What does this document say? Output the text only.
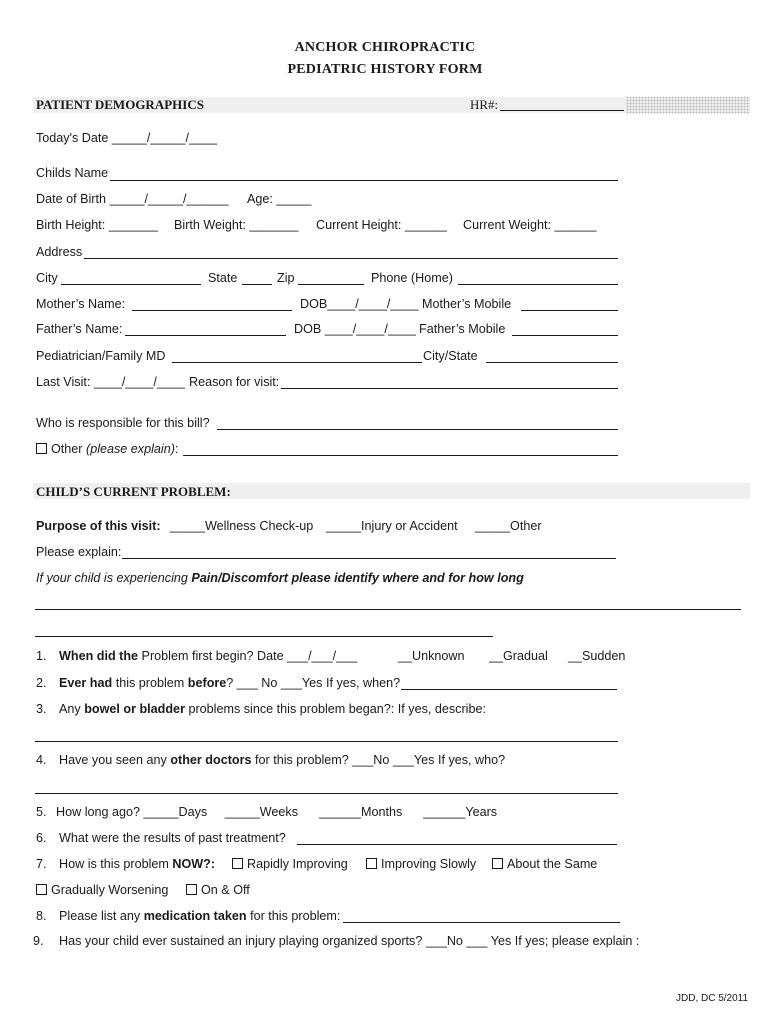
ANCHOR CHIROPRACTIC
PEDIATRIC HISTORY FORM
PATIENT DEMOGRAPHICS	HR#:
Today's Date _____/_____/____
Childs Name
Date of Birth _____/_____/______ Age: _____
Birth Height: _______ Birth Weight: _______ Current Height: ______ Current Weight: ______
Address
City	State	Zip	Phone (Home)
Mother’s Name:	DOB____/____/____ Mother’s Mobile
Father’s Name:	DOB ____/____/____ Father’s Mobile
Pediatrician/Family MD	City/State
Last Visit: ____/____/____ Reason for visit:
Who is responsible for this bill?
Other (please explain):
CHILD’S CURRENT PROBLEM:
Purpose of this visit: _____Wellness Check-up _____Injury or Accident _____Other
Please explain:
If your child is experiencing Pain/Discomfort please identify where and for how long
1. When did the Problem first begin? Date ___/___/___	__Unknown __Gradual __Sudden
2. Ever had this problem before? ___ No ___Yes If yes, when?
3. Any bowel or bladder problems since this problem began?: If yes, describe:
4. Have you seen any other doctors for this problem? ___No ___Yes If yes, who?
5. How long ago? _____Days     _____Weeks      ______Months      ______Years
6. What were the results of past treatment?
7. How is this problem NOW?:	Rapidly Improving	Improving Slowly	About the Same
Gradually Worsening	On & Off
8. Please list any medication taken for this problem:
9. Has your child ever sustained an injury playing organized sports? ___No ___ Yes If yes; please explain :
JDD, DC 5/2011
